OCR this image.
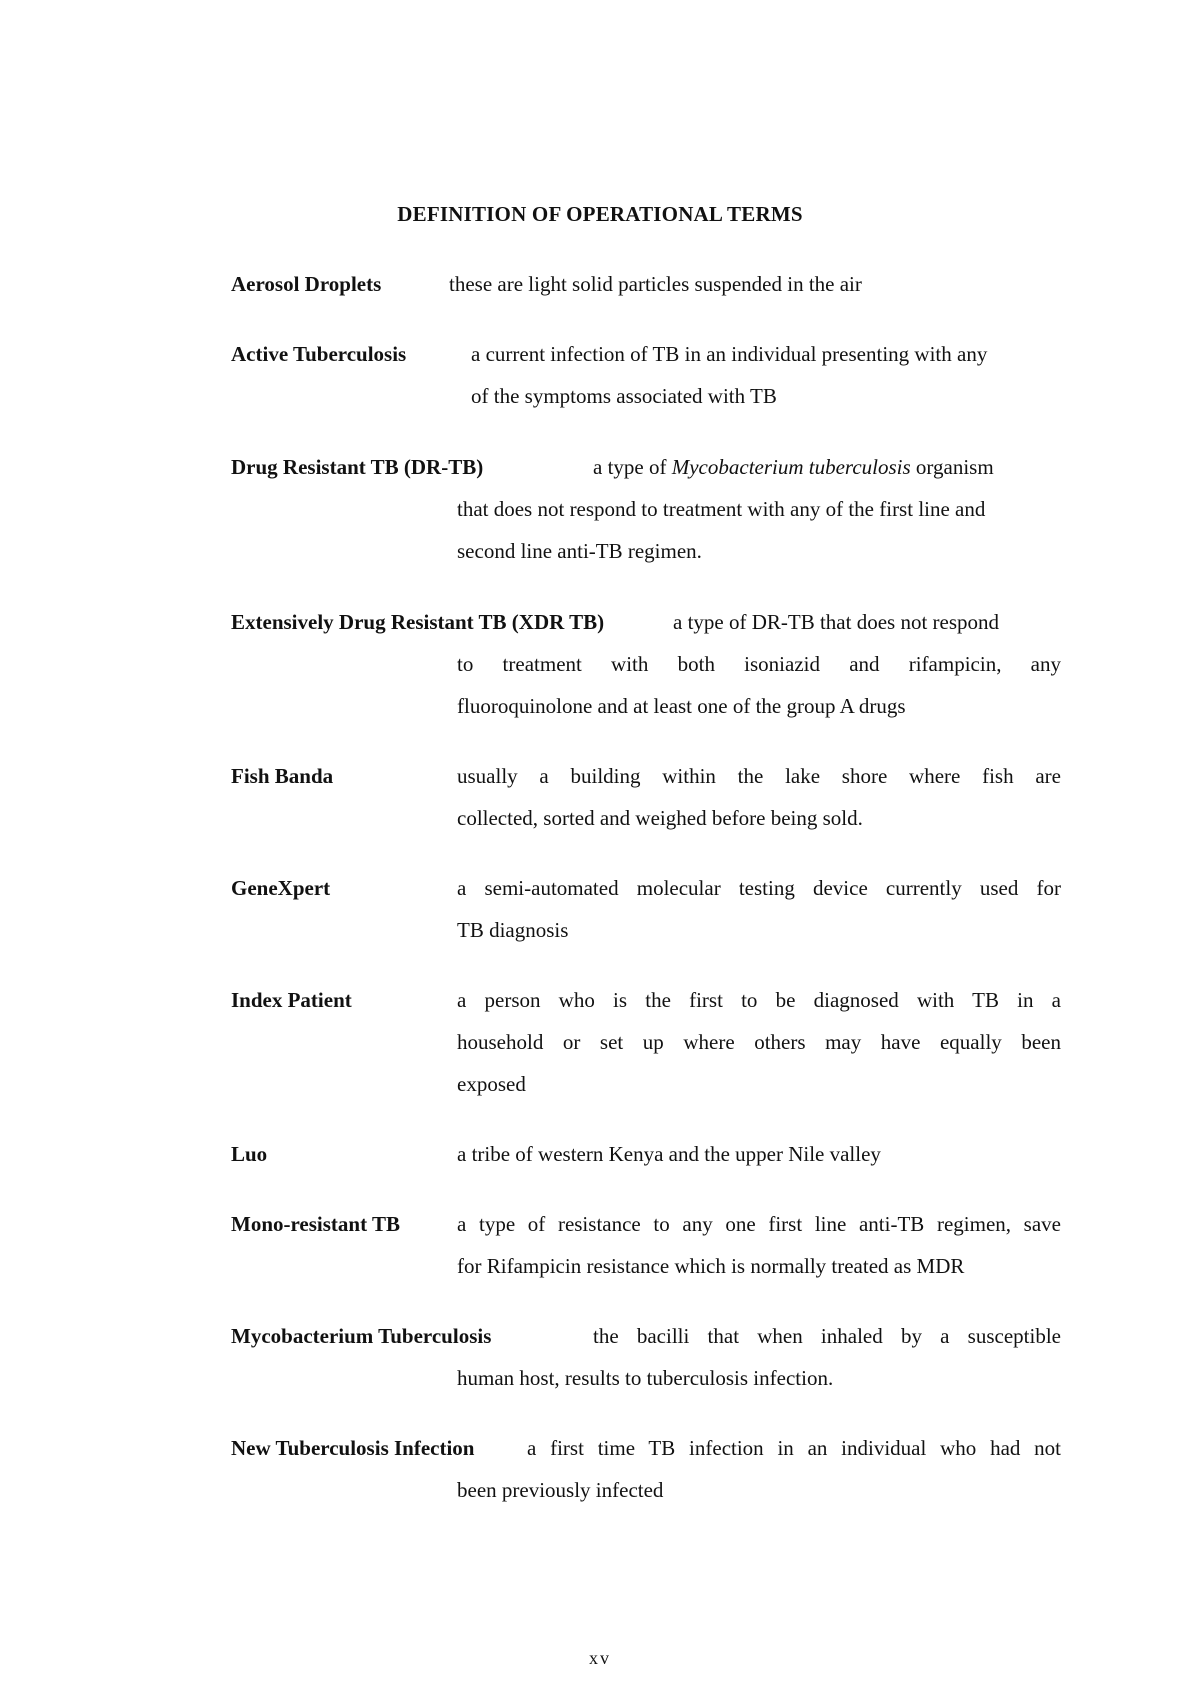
DEFINITION OF OPERATIONAL TERMS
Aerosol Droplets	these are light solid particles suspended in the air
Active Tuberculosis	a current infection of TB in an individual presenting with any
of the symptoms associated with TB
Drug Resistant TB (DR-TB)	a type of Mycobacterium tuberculosis organism
that does not respond to treatment with any of the first line and
second line anti-TB regimen.
Extensively Drug Resistant TB (XDR TB)	a type of DR-TB that does not respond
to treatment with both isoniazid and rifampicin, any
fluoroquinolone and at least one of the group A drugs
Fish Banda	usually a building within the lake shore where fish are
collected, sorted and weighed before being sold.
GeneXpert	a semi-automated molecular testing device currently used for
TB diagnosis
Index Patient	a person who is the first to be diagnosed with TB in a
household or set up where others may have equally been
exposed
Luo	a tribe of western Kenya and the upper Nile valley
Mono-resistant TB	a type of resistance to any one first line anti-TB regimen, save
for Rifampicin resistance which is normally treated as MDR
Mycobacterium Tuberculosis	the bacilli that when inhaled by a susceptible
human host, results to tuberculosis infection.
New Tuberculosis Infection	a first time TB infection in an individual who had not
been previously infected
xv
